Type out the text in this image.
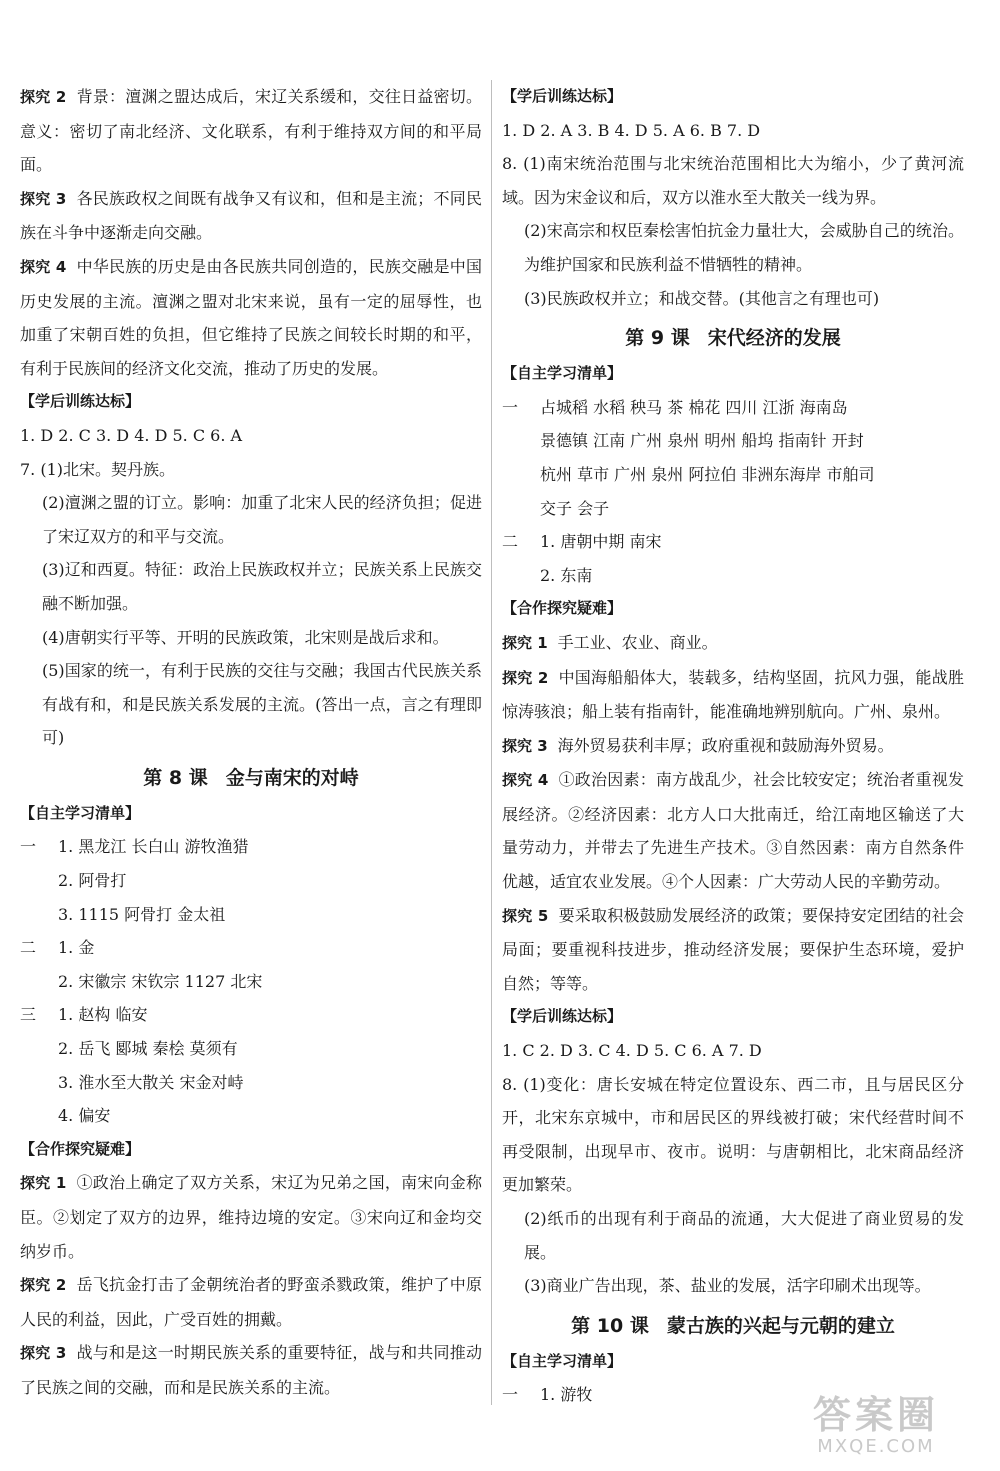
探究 2 背景：澶渊之盟达成后，宋辽关系缓和，交往日益密切。意义：密切了南北经济、文化联系，有利于维持双方间的和平局面。

探究 3 各民族政权之间既有战争又有议和，但和是主流；不同民族在斗争中逐渐走向交融。

探究 4 中华民族的历史是由各民族共同创造的，民族交融是中国历史发展的主流。澶渊之盟对北宋来说，虽有一定的屈辱性，也加重了宋朝百姓的负担，但它维持了民族之间较长时期的和平，有利于民族间的经济文化交流，推动了历史的发展。

【学后训练达标】

1. D 2. C 3. D 4. D 5. C 6. A

7. (1)北宋。契丹族。

(2)澶渊之盟的订立。影响：加重了北宋人民的经济负担；促进了宋辽双方的和平与交流。

(3)辽和西夏。特征：政治上民族政权并立；民族关系上民族交融不断加强。

(4)唐朝实行平等、开明的民族政策，北宋则是战后求和。

(5)国家的统一，有利于民族的交往与交融；我国古代民族关系有战有和，和是民族关系发展的主流。(答出一点，言之有理即可)

第 8 课 金与南宋的对峙

【自主学习清单】

一 1. 黑龙江 长白山 游牧渔猎

2. 阿骨打

3. 1115 阿骨打 金太祖

二 1. 金

2. 宋徽宗 宋钦宗 1127 北宋

三 1. 赵构 临安

2. 岳飞 郾城 秦桧 莫须有

3. 淮水至大散关 宋金对峙

4. 偏安

【合作探究疑难】

探究 1 ①政治上确定了双方关系，宋辽为兄弟之国，南宋向金称臣。②划定了双方的边界，维持边境的安定。③宋向辽和金均交纳岁币。

探究 2 岳飞抗金打击了金朝统治者的野蛮杀戮政策，维护了中原人民的利益，因此，广受百姓的拥戴。

探究 3 战与和是这一时期民族关系的重要特征，战与和共同推动了民族之间的交融，而和是民族关系的主流。

【学后训练达标】

1. D 2. A 3. B 4. D 5. A 6. B 7. D

8. (1)南宋统治范围与北宋统治范围相比大为缩小，少了黄河流域。因为宋金议和后，双方以淮水至大散关一线为界。

(2)宋高宗和权臣秦桧害怕抗金力量壮大，会威胁自己的统治。为维护国家和民族利益不惜牺牲的精神。

(3)民族政权并立；和战交替。(其他言之有理也可)

第 9 课 宋代经济的发展

【自主学习清单】

一 占城稻 水稻 秧马 茶 棉花 四川 江浙 海南岛

景德镇 江南 广州 泉州 明州 船坞 指南针 开封

杭州 草市 广州 泉州 阿拉伯 非洲东海岸 市舶司

交子 会子

二 1. 唐朝中期 南宋

2. 东南

【合作探究疑难】

探究 1 手工业、农业、商业。

探究 2 中国海船船体大，装载多，结构坚固，抗风力强，能战胜惊涛骇浪；船上装有指南针，能准确地辨别航向。广州、泉州。

探究 3 海外贸易获利丰厚；政府重视和鼓励海外贸易。

探究 4 ①政治因素：南方战乱少，社会比较安定；统治者重视发展经济。②经济因素：北方人口大批南迁，给江南地区输送了大量劳动力，并带去了先进生产技术。③自然因素：南方自然条件优越，适宜农业发展。④个人因素：广大劳动人民的辛勤劳动。

探究 5 要采取积极鼓励发展经济的政策；要保持安定团结的社会局面；要重视科技进步，推动经济发展；要保护生态环境，爱护自然；等等。

【学后训练达标】

1. C 2. D 3. C 4. D 5. C 6. A 7. D

8. (1)变化：唐长安城在特定位置设东、西二市，且与居民区分开，北宋东京城中，市和居民区的界线被打破；宋代经营时间不再受限制，出现早市、夜市。说明：与唐朝相比，北宋商品经济更加繁荣。

(2)纸币的出现有利于商品的流通，大大促进了商业贸易的发展。

(3)商业广告出现，茶、盐业的发展，活字印刷术出现等。

第 10 课 蒙古族的兴起与元朝的建立

【自主学习清单】

一 1. 游牧	答案圈
MXQE.COM
